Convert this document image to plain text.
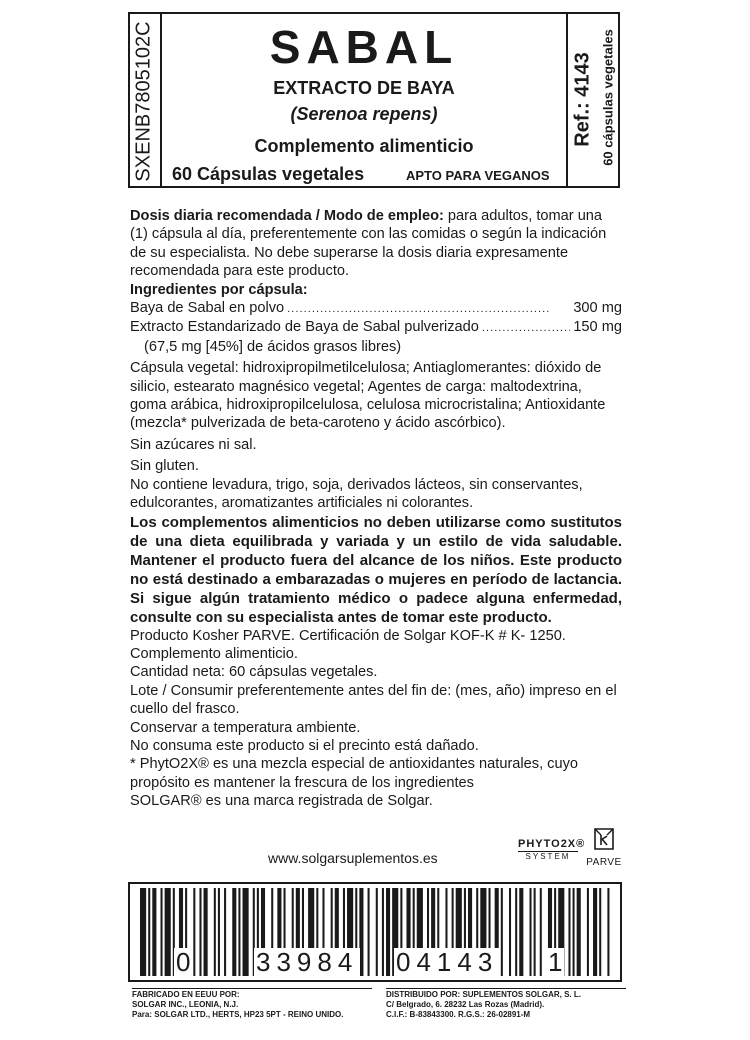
SXENB7805102C	Ref.: 4143 60 cápsulas vegetales
SABAL
EXTRACTO DE BAYA
(Serenoa repens)
Complemento alimenticio
60 Cápsulas vegetales	APTO PARA VEGANOS

Dosis diaria recomendada / Modo de empleo: para adultos, tomar una (1) cápsula al día, preferentemente con las comidas o según la indicación de su especialista. No debe superarse la dosis diaria expresamente recomendada para este producto.

Ingredientes por cápsula:

Baya de Sabal en polvo . . .	300 mg
Extracto Estandarizado de Baya de Sabal pulverizado . . .	150 mg

(67,5 mg [45%] de ácidos grasos libres)

Cápsula vegetal: hidroxipropilmetilcelulosa; Antiaglomerantes: dióxido de silicio, estearato magnésico vegetal; Agentes de carga: maltodextrina, goma arábica, hidroxipropilcelulosa, celulosa microcristalina; Antioxidante (mezcla* pulverizada de beta-caroteno y ácido ascórbico).

Sin azúcares ni sal.

Sin gluten.

No contiene levadura, trigo, soja, derivados lácteos, sin conservantes, edulcorantes, aromatizantes artificiales ni colorantes.

Los complementos alimenticios no deben utilizarse como sustitutos de una dieta equilibrada y variada y un estilo de vida saludable. Mantener el producto fuera del alcance de los niños. Este producto no está destinado a embarazadas o mujeres en período de lactancia. Si sigue algún tratamiento médico o padece alguna enfermedad, consulte con su especialista antes de tomar este producto.

Producto Kosher PARVE. Certificación de Solgar KOF-K # K- 1250.

Complemento alimenticio.

Cantidad neta: 60 cápsulas vegetales.

Lote / Consumir preferentemente antes del fin de: (mes, año) impreso en el cuello del frasco.

Conservar a temperatura ambiente.

No consuma este producto si el precinto está dañado.

* PhytO2X® es una mezcla especial de antioxidantes naturales, cuyo propósito es mantener la frescura de los ingredientes

SOLGAR® es una marca registrada de Solgar.

www.solgarsuplementos.es
PHYTO2X®
SYSTEM
PARVE
0	33984 04143 1
FABRICADO EN EEUU POR:
SOLGAR INC., LEONIA, N.J.
Para: SOLGAR LTD., HERTS, HP23 5PT - REINO UNIDO.
DISTRIBUIDO POR: SUPLEMENTOS SOLGAR, S. L.
C/ Belgrado, 6. 28232 Las Rozas (Madrid).
C.I.F.: B-83843300. R.G.S.: 26-02891-M
